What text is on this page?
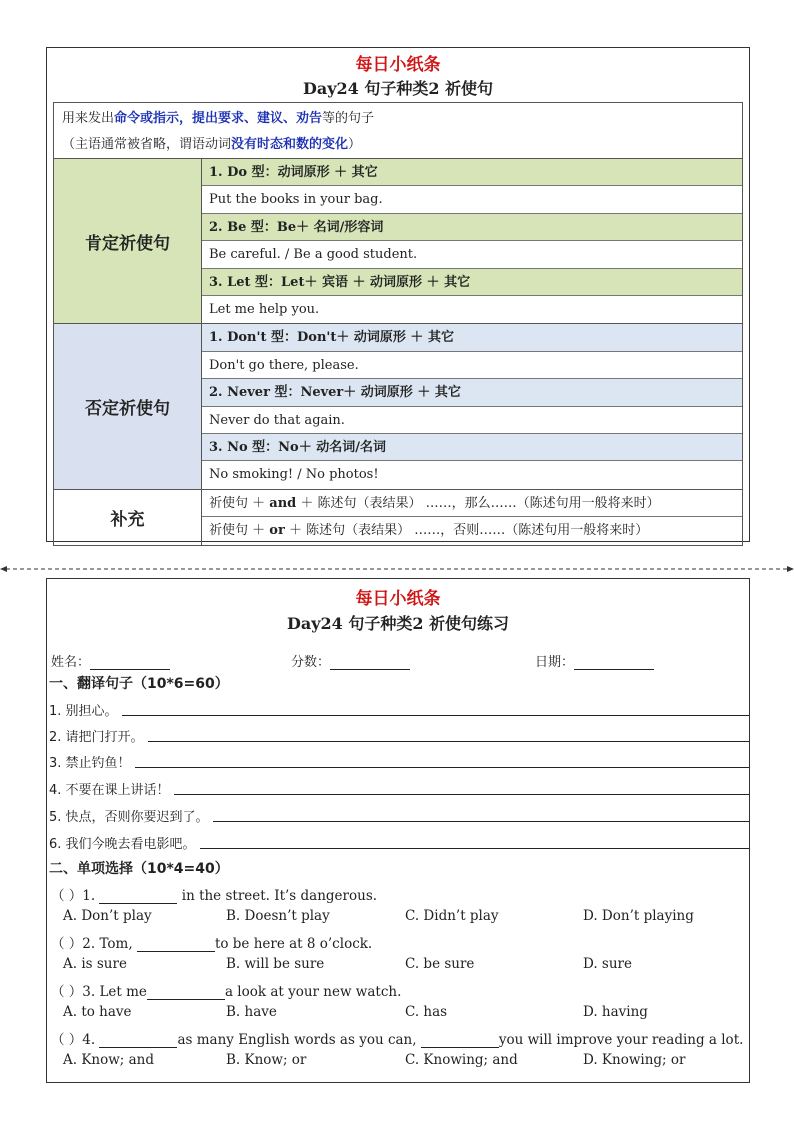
每日小纸条
Day24 句子种类2 祈使句
用来发出命令或指示，提出要求、建议、劝告等的句子
（主语通常被省略，谓语动词没有时态和数的变化）
肯定祈使句
1. Do 型：动词原形 ＋ 其它
Put the books in your bag.
2. Be 型：Be＋ 名词/形容词
Be careful. / Be a good student.
3. Let 型：Let＋ 宾语 ＋ 动词原形 ＋ 其它
Let me help you.
否定祈使句
1. Don't 型：Don't＋ 动词原形 ＋ 其它
Don't go there, please.
2. Never 型：Never＋ 动词原形 ＋ 其它
Never do that again.
3. No 型：No＋ 动名词/名词
No smoking! / No photos!
补充
祈使句 ＋ and ＋ 陈述句（表结果） ……，那么……（陈述句用一般将来时）
祈使句 ＋ or ＋ 陈述句（表结果） ……，否则……（陈述句用一般将来时）
每日小纸条
Day24 句子种类2 祈使句练习
姓名：	分数：	日期：
一、翻译句子（10*6=60）
1. 别担心。
2. 请把门打开。
3. 禁止钓鱼！
4. 不要在课上讲话！
5. 快点，否则你要迟到了。
6. 我们今晚去看电影吧。
二、单项选择（10*4=40）
（ ）1.	in the street. It’s dangerous.
A. Don’t play	B. Doesn’t play	C. Didn’t play	D. Don’t playing
（ ）2. Tom,	to be here at 8 o’clock.
A. is sure	B. will be sure	C. be sure	D. sure
（ ）3. Let me	a look at your new watch.
A. to have	B. have	C. has	D. having
（ ）4.	as many English words as you can,	you will improve your reading a lot.
A. Know; and	B. Know; or	C. Knowing; and	D. Knowing; or
